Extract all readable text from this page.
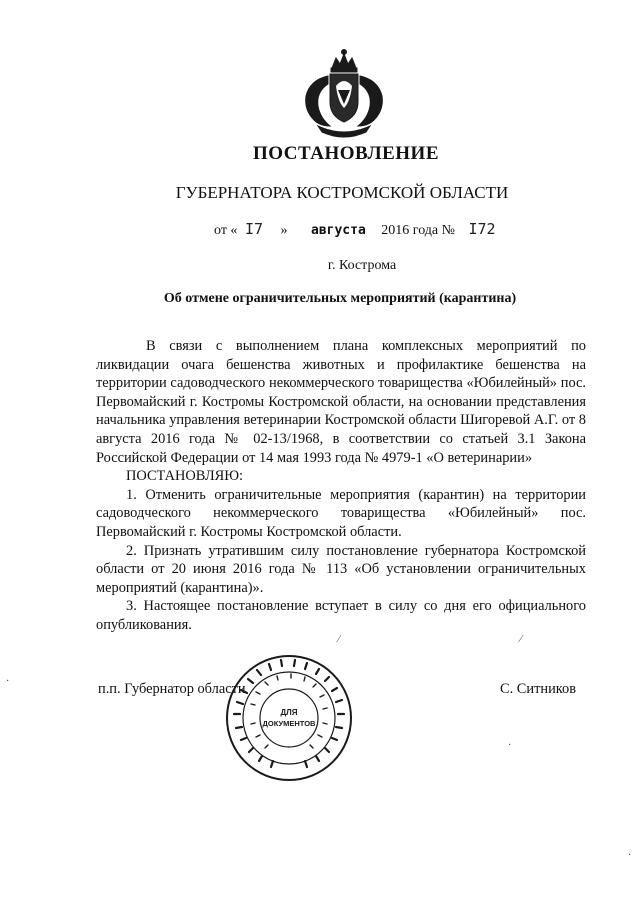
ПОСТАНОВЛЕНИЕ
ГУБЕРНАТОРА КОСТРОМСКОЙ ОБЛАСТИ
от « I7 » августа 2016 года № I72
г. Кострома
Об отмене ограничительных мероприятий (карантина)

В связи с выполнением плана комплексных мероприятий по ликвидации очага бешенства животных и профилактике бешенства на территории садоводческого некоммерческого товарищества «Юбилейный» пос. Первомайский г. Костромы Костромской области, на основании представления начальника управления ветеринарии Костромской области Шигоревой А.Г. от 8 августа 2016 года № 02-13/1968, в соответствии со статьей 3.1 Закона Российской Федерации от 14 мая 1993 года № 4979-1 «О ветеринарии»

ПОСТАНОВЛЯЮ:

1. Отменить ограничительные мероприятия (карантин) на территории садоводческого некоммерческого товарищества «Юбилейный» пос. Первомайский г. Костромы Костромской области.

2. Признать утратившим силу постановление губернатора Костромской области от 20 июня 2016 года № 113 «Об установлении ограничительных мероприятий (карантина)».

3. Настоящее постановление вступает в силу со дня его официального опубликования.

⁄	⁄
п.п. Губернатор области	С. Ситников
ДЛЯ
ДОКУМЕНТОВ
·
·
·
